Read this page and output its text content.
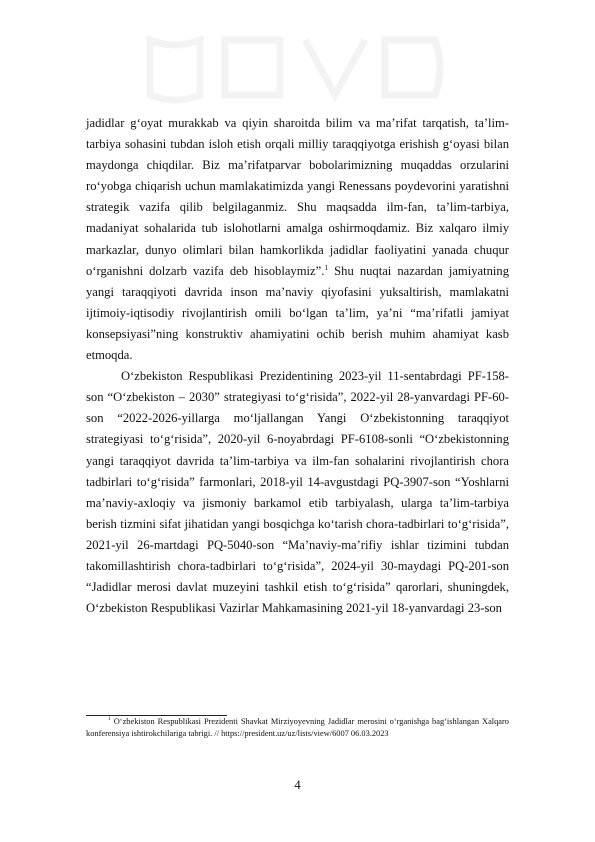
jadidlar g‘oyat murakkab va qiyin sharoitda bilim va ma’rifat tarqatish, ta’lim-tarbiya sohasini tubdan isloh etish orqali milliy taraqqiyotga erishish g‘oyasi bilan maydonga chiqdilar. Biz ma’rifatparvar bobolarimizning muqaddas orzularini ro‘yobga chiqarish uchun mamlakatimizda yangi Renessans poydevorini yaratishni strategik vazifa qilib belgilaganmiz. Shu maqsadda ilm-fan, ta’lim-tarbiya, madaniyat sohalarida tub islohotlarni amalga oshirmoqdamiz. Biz xalqaro ilmiy markazlar, dunyo olimlari bilan hamkorlikda jadidlar faoliyatini yanada chuqur o‘rganishni dolzarb vazifa deb hisoblaymiz”.$^1$ Shu nuqtai nazardan jamiyatning yangi taraqqiyoti davrida inson ma’naviy qiyofasini yuksaltirish, mamlakatni ijtimoiy-iqtisodiy rivojlantirish omili bo‘lgan ta’lim, ya’ni “ma’rifatli jamiyat konsepsiyasi”ning konstruktiv ahamiyatini ochib berish muhim ahamiyat kasb etmoqda.

O‘zbekiston Respublikasi Prezidentining 2023-yil 11-sentabrdagi PF-158-son “O‘zbekiston – 2030” strategiyasi to‘g‘risida”, 2022-yil 28-yanvardagi PF-60-son “2022-2026-yillarga mo‘ljallangan Yangi O‘zbekistonning taraqqiyot strategiyasi to‘g‘risida”, 2020-yil 6-noyabrdagi PF-6108-sonli “O‘zbekistonning yangi taraqqiyot davrida ta’lim-tarbiya va ilm-fan sohalarini rivojlantirish chora tadbirlari to‘g‘risida” farmonlari, 2018-yil 14-avgustdagi PQ-3907-son “Yoshlarni ma’naviy-axloqiy va jismoniy barkamol etib tarbiyalash, ularga ta’lim-tarbiya berish tizmini sifat jihatidan yangi bosqichga ko‘tarish chora-tadbirlari to‘g‘risida”, 2021-yil 26-martdagi PQ-5040-son “Ma’naviy-ma’rifiy ishlar tizimini tubdan takomillashtirish chora-tadbirlari to‘g‘risida”, 2024-yil 30-maydagi PQ-201-son “Jadidlar merosi davlat muzeyini tashkil etish to‘g‘risida” qarorlari, shuningdek, O‘zbekiston Respublikasi Vazirlar Mahkamasining 2021-yil 18-yanvardagi 23-son

$^1$ O‘zbekiston Respublikasi Prezidenti Shavkat Mirziyoyevning Jadidlar merosini o‘rganishga bag‘ishlangan Xalqaro konferensiya ishtirokchilariga tabrigi. // https://president.uz/uz/lists/view/6007 06.03.2023
4
